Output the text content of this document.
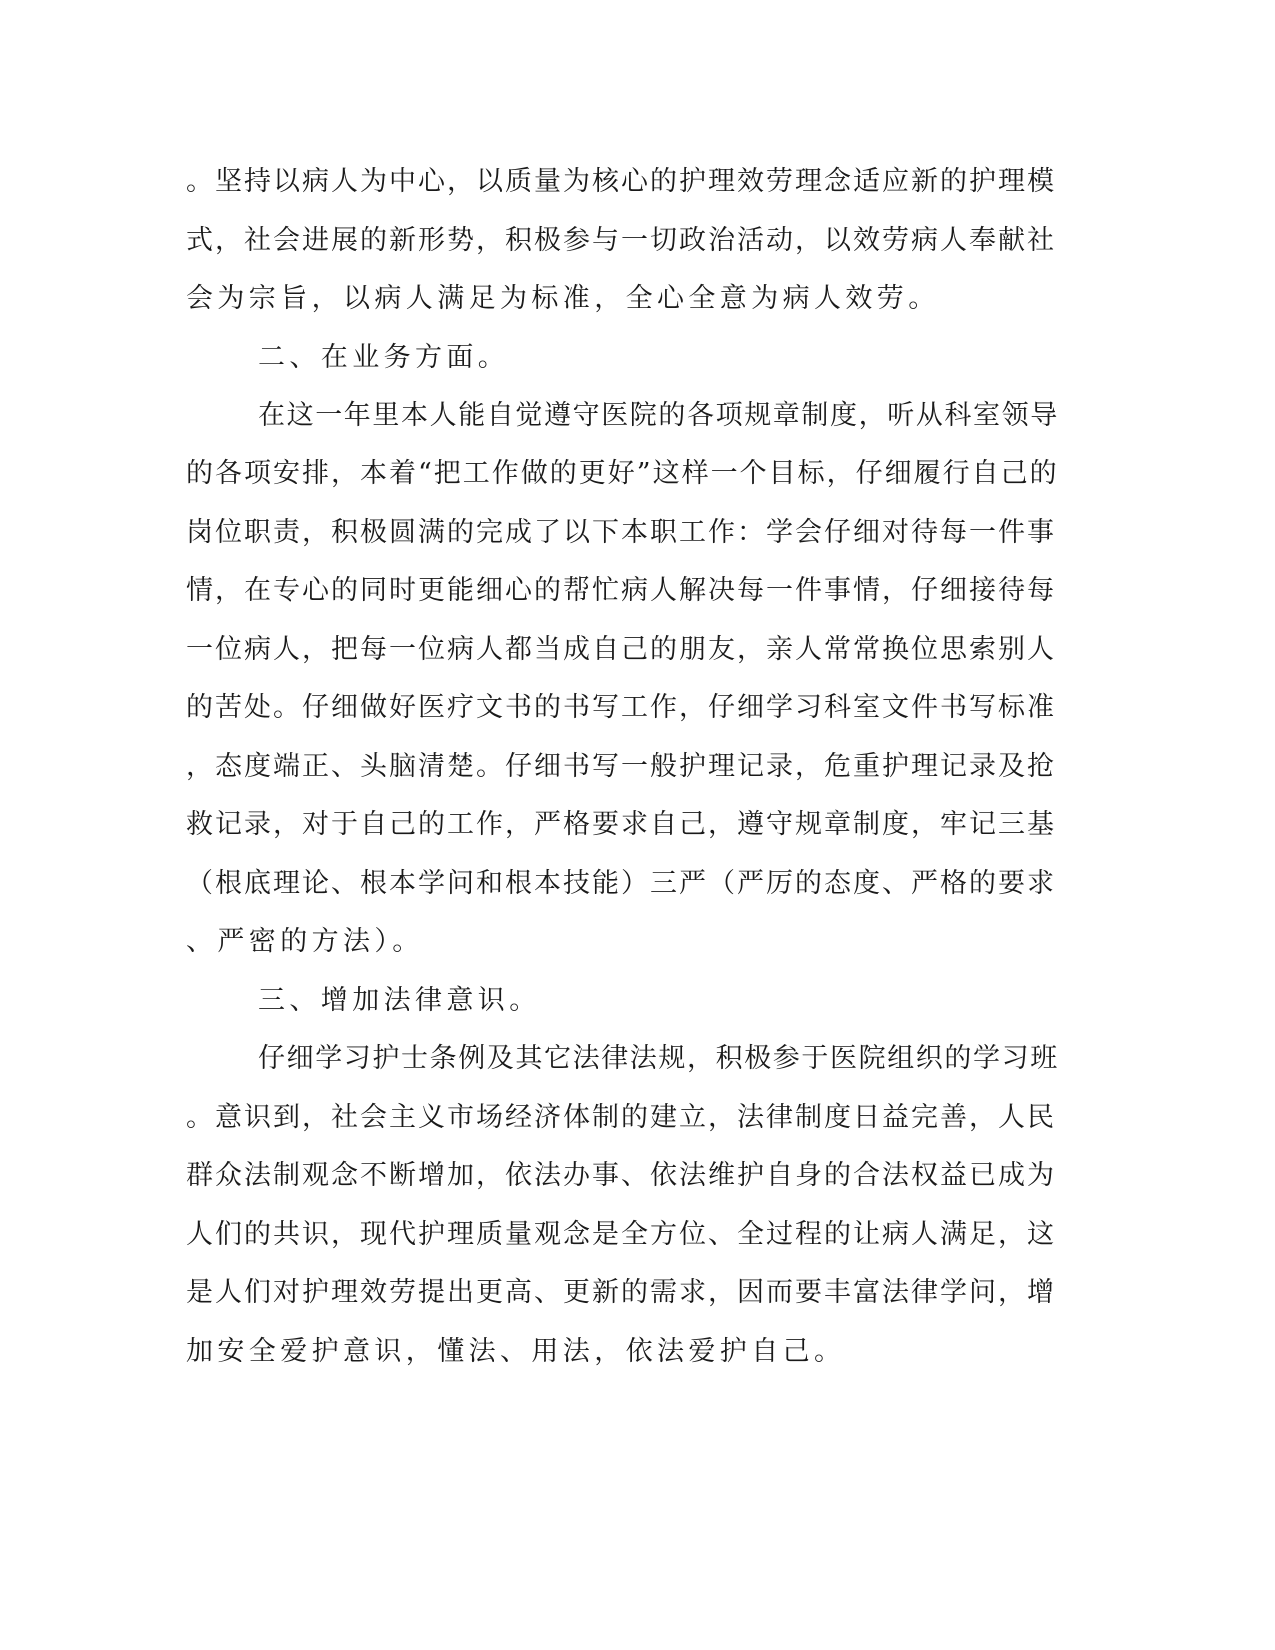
。坚持以病人为中心，以质量为核心的护理效劳理念适应新的护理模
式，社会进展的新形势，积极参与一切政治活动，以效劳病人奉献社
会为宗旨，以病人满足为标准，全心全意为病人效劳。
二、在业务方面。
在这一年里本人能自觉遵守医院的各项规章制度，听从科室领导
的各项安排，本着“把工作做的更好”这样一个目标，仔细履行自己的
岗位职责，积极圆满的完成了以下本职工作：学会仔细对待每一件事
情，在专心的同时更能细心的帮忙病人解决每一件事情，仔细接待每
一位病人，把每一位病人都当成自己的朋友，亲人常常换位思索别人
的苦处。仔细做好医疗文书的书写工作，仔细学习科室文件书写标准
，态度端正、头脑清楚。仔细书写一般护理记录，危重护理记录及抢
救记录，对于自己的工作，严格要求自己，遵守规章制度，牢记三基
（根底理论、根本学问和根本技能）三严（严厉的态度、严格的要求
、严密的方法）。
三、增加法律意识。
仔细学习护士条例及其它法律法规，积极参于医院组织的学习班
。意识到，社会主义市场经济体制的建立，法律制度日益完善，人民
群众法制观念不断增加，依法办事、依法维护自身的合法权益已成为
人们的共识，现代护理质量观念是全方位、全过程的让病人满足，这
是人们对护理效劳提出更高、更新的需求，因而要丰富法律学问，增
加安全爱护意识，懂法、用法，依法爱护自己。
